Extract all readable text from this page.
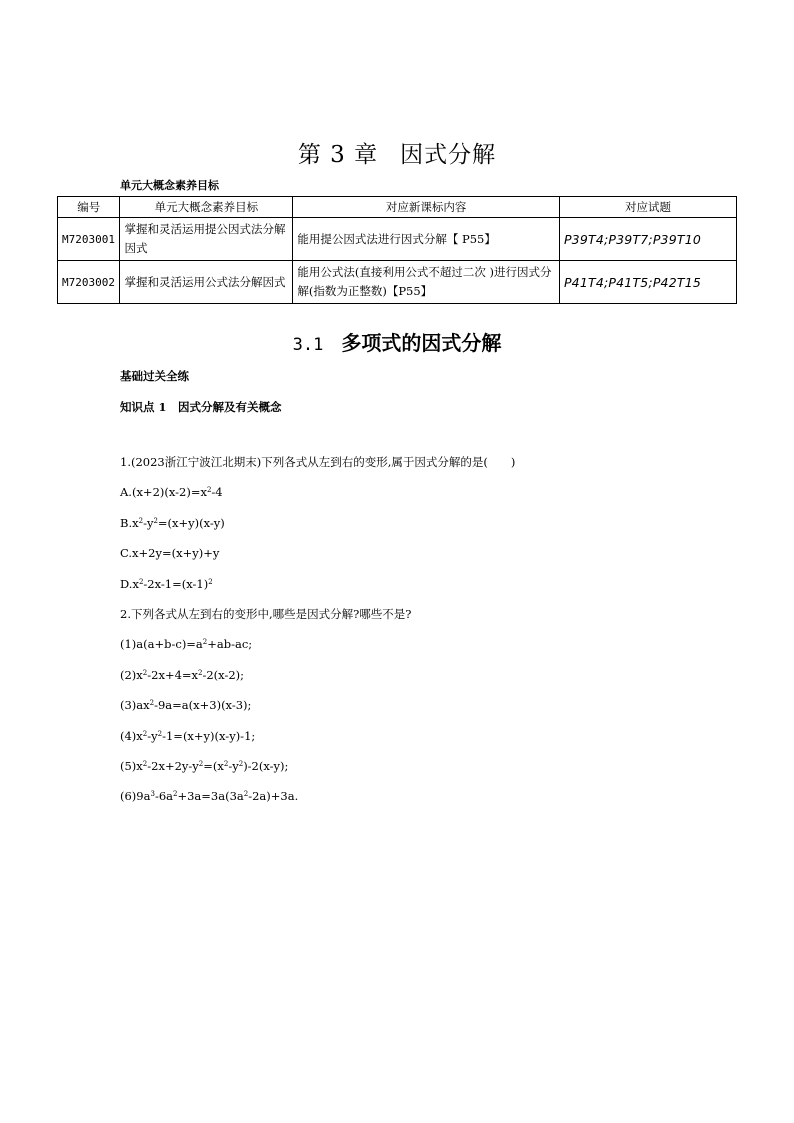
第 3 章 因式分解
单元大概念素养目标
编号	单元大概念素养目标	对应新课标内容	对应试题
M7203001	掌握和灵活运用提公因式法分解因式	能用提公因式法进行因式分解【 P55】	P39T4;P39T7;P39T10
M7203002	掌握和灵活运用公式法分解因式	能用公式法(直接利用公式不超过二次 )进行因式分解(指数为正整数)【P55】	P41T4;P41T5;P42T15
3.1 多项式的因式分解
基础过关全练
知识点 1　因式分解及有关概念
1.(2023浙江宁波江北期末)下列各式从左到右的变形,属于因式分解的是(　　)
$A.(x+2)(x-2)=x^2-4$
$B.x^2-y^2=(x+y)(x-y)$
C.x+2y=(x+y)+y
$D.x^2-2x-1=(x-1)^2$
2.下列各式从左到右的变形中,哪些是因式分解?哪些不是?
$(1)a(a+b-c)=a^2+ab-ac$;
$(2)x^2-2x+4=x^2-2(x-2)$;
$(3)ax^2-9a=a(x+3)(x-3)$;
$(4)x^2-y^2-1=(x+y)(x-y)-1$;
$(5)x^2-2x+2y-y^2=(x^2-y^2)-2(x-y)$;
$(6)9a^3-6a^2+3a=3a(3a^2-2a)+3a$.
